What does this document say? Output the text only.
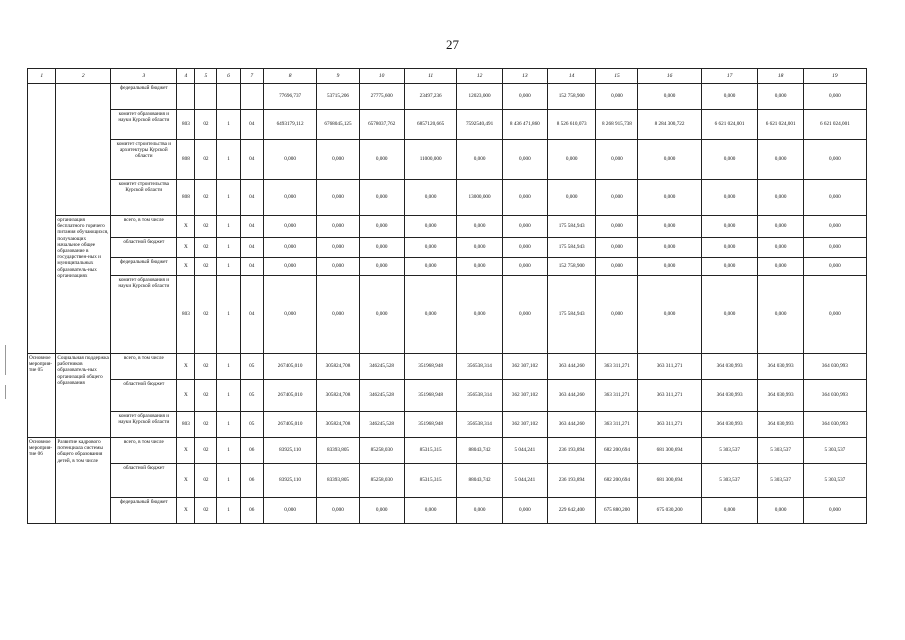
27
1	2	3	4	5	6	7	8	9	10	11	12	13	14	15	16	17	18	19
		федеральный бюджет					77696,737	53715,206	27775,600	23497,236	12023,000	0,000	152 758,900	0,000	0,000	0,000	0,000	0,000
		комитет образования и науки Курской области	803	02	1	04	6493179,112	6768045,125	6578037,762	6857120,665	7592540,491	8 436 471,860	8 526 610,073	8 268 915,738	8 284 300,722	6 621 024,001	6 621 024,001	6 621 024,001
		комитет строительства и архитектуры Курской области	808	02	1	04	0,000	0,000	0,000	11000,000	0,000	0,000	0,000	0,000	0,000	0,000	0,000	0,000
		комитет строительства Курской области	808	02	1	04	0,000	0,000	0,000	0,000	13000,000	0,000	0,000	0,000	0,000	0,000	0,000	0,000
	организация бесплатного горячего питания обучающихся, получающих начальное общее образование в государствен-ных и муниципальных образователь-ных организациях	всего, в том числе	Х	02	1	04	0,000	0,000	0,000	0,000	0,000	0,000	175 584,943	0,000	0,000	0,000	0,000	0,000
		областной бюджет	Х	02	1	04	0,000	0,000	0,000	0,000	0,000	0,000	175 584,943	0,000	0,000	0,000	0,000	0,000
		федеральный бюджет	Х	02	1	04	0,000	0,000	0,000	0,000	0,000	0,000	152 758,900	0,000	0,000	0,000	0,000	0,000
		комитет образования и науки Курской области	803	02	1	04	0,000	0,000	0,000	0,000	0,000	0,000	175 584,943	0,000	0,000	0,000	0,000	0,000
Основное мероприя-тие 05	Социальная поддержка работников образователь-ных организаций общего образования	всего, в том числе	Х	02	1	05	267405,010	305824,708	346245,528	351968,948	356538,314	362 307,102	363 444,260	363 311,271	363 311,271	364 030,993	364 030,993	364 030,993
		областной бюджет	Х	02	1	05	267405,010	305824,708	346245,528	351968,948	356538,314	362 307,102	363 444,260	363 311,271	363 311,271	364 030,993	364 030,993	364 030,993
		комитет образования и науки Курской области	803	02	1	05	267405,010	305824,708	346245,528	351968,948	356538,314	362 307,102	363 444,260	363 311,271	363 311,271	364 030,993	364 030,993	364 030,993
Основное мероприя-тие 06	Развитие кадрового потенциала системы общего образования детей, в том числе	всего, в том числе	Х	02	1	06	83925,110	83393,805	85258,030	85315,315	88043,742	5 044,241	236 193,894	682 200,694	681 300,694	5 303,537	5 303,537	5 303,537
		областной бюджет	Х	02	1	06	83925,110	83393,805	85258,030	85315,315	88043,742	5 044,241	236 193,894	682 200,694	681 300,694	5 303,537	5 303,537	5 303,537
		федеральный бюджет	Х	02	1	06	0,000	0,000	0,000	0,000	0,000	0,000	229 642,400	675 880,200	675 030,200	0,000	0,000	0,000
